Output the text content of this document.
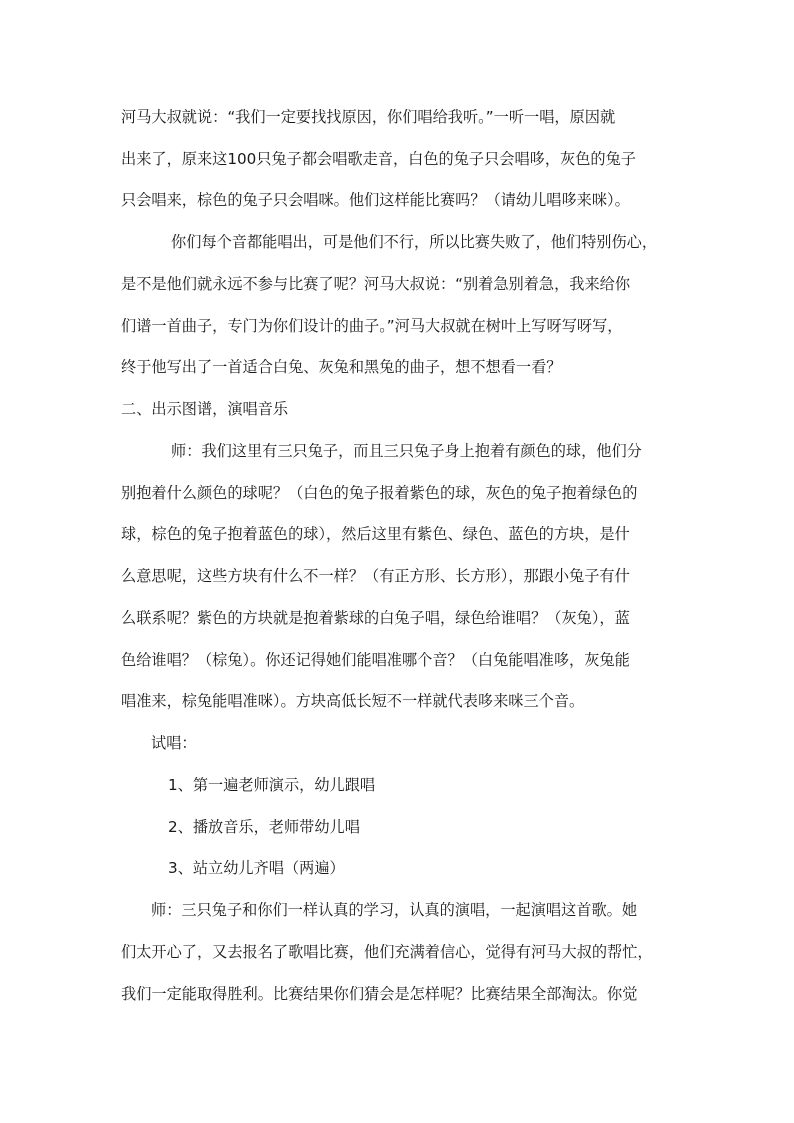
河马大叔就说：“我们一定要找找原因，你们唱给我听。”一听一唱，原因就
出来了，原来这100只兔子都会唱歌走音，白色的兔子只会唱哆，灰色的兔子
只会唱来，棕色的兔子只会唱咪。他们这样能比赛吗？（请幼儿唱哆来咪）。
你们每个音都能唱出，可是他们不行，所以比赛失败了，他们特别伤心，
是不是他们就永远不参与比赛了呢？河马大叔说：“别着急别着急，我来给你
们谱一首曲子，专门为你们设计的曲子。”河马大叔就在树叶上写呀写呀写，
终于他写出了一首适合白兔、灰兔和黑兔的曲子，想不想看一看？
二、出示图谱，演唱音乐
师：我们这里有三只兔子，而且三只兔子身上抱着有颜色的球，他们分
别抱着什么颜色的球呢？（白色的兔子报着紫色的球，灰色的兔子抱着绿色的
球，棕色的兔子抱着蓝色的球），然后这里有紫色、绿色、蓝色的方块，是什
么意思呢，这些方块有什么不一样？（有正方形、长方形），那跟小兔子有什
么联系呢？紫色的方块就是抱着紫球的白兔子唱，绿色给谁唱？（灰兔），蓝
色给谁唱？（棕兔）。你还记得她们能唱准哪个音？（白兔能唱准哆，灰兔能
唱准来，棕兔能唱准咪）。方块高低长短不一样就代表哆来咪三个音。
试唱：
1、第一遍老师演示，幼儿跟唱
2、播放音乐，老师带幼儿唱
3、站立幼儿齐唱（两遍）
师：三只兔子和你们一样认真的学习，认真的演唱，一起演唱这首歌。她
们太开心了，又去报名了歌唱比赛，他们充满着信心，觉得有河马大叔的帮忙，
我们一定能取得胜利。比赛结果你们猜会是怎样呢？比赛结果全部淘汰。你觉
